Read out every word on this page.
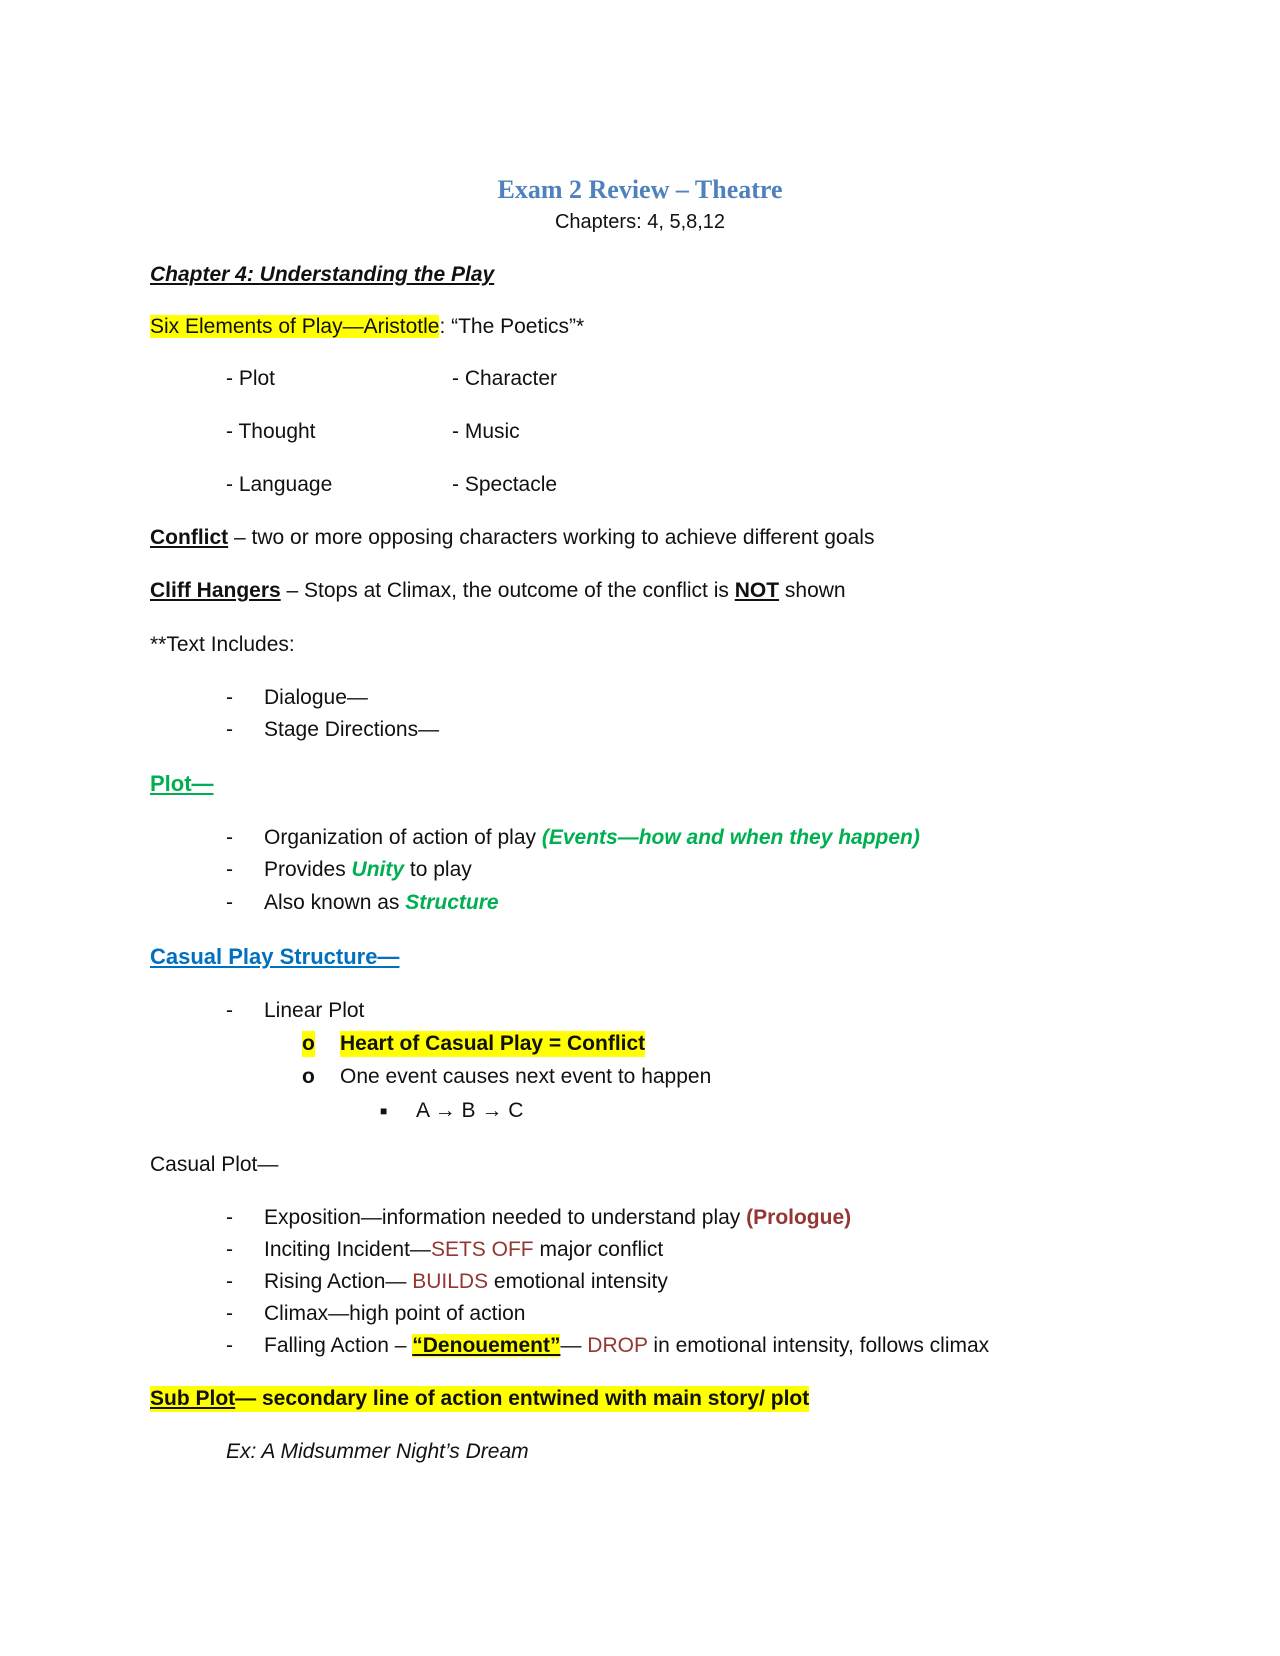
Exam 2 Review – Theatre
Chapters: 4, 5,8,12
Chapter 4: Understanding the Play
Six Elements of Play—Aristotle: “The Poetics”*
- Plot	- Character
- Thought	- Music
- Language	- Spectacle
Conflict – two or more opposing characters working to achieve different goals
Cliff Hangers – Stops at Climax, the outcome of the conflict is NOT shown
**Text Includes:
- Dialogue—
- Stage Directions—
Plot—
- Organization of action of play (Events—how and when they happen)
- Provides Unity to play
- Also known as Structure
Casual Play Structure—
- Linear Plot
o Heart of Casual Play = Conflict
o One event causes next event to happen
■ A → B → C
Casual Plot—
- Exposition—information needed to understand play (Prologue)
- Inciting Incident—SETS OFF major conflict
- Rising Action— BUILDS emotional intensity
- Climax—high point of action
- Falling Action – “Denouement”— DROP in emotional intensity, follows climax
Sub Plot— secondary line of action entwined with main story/ plot
Ex: A Midsummer Night’s Dream
